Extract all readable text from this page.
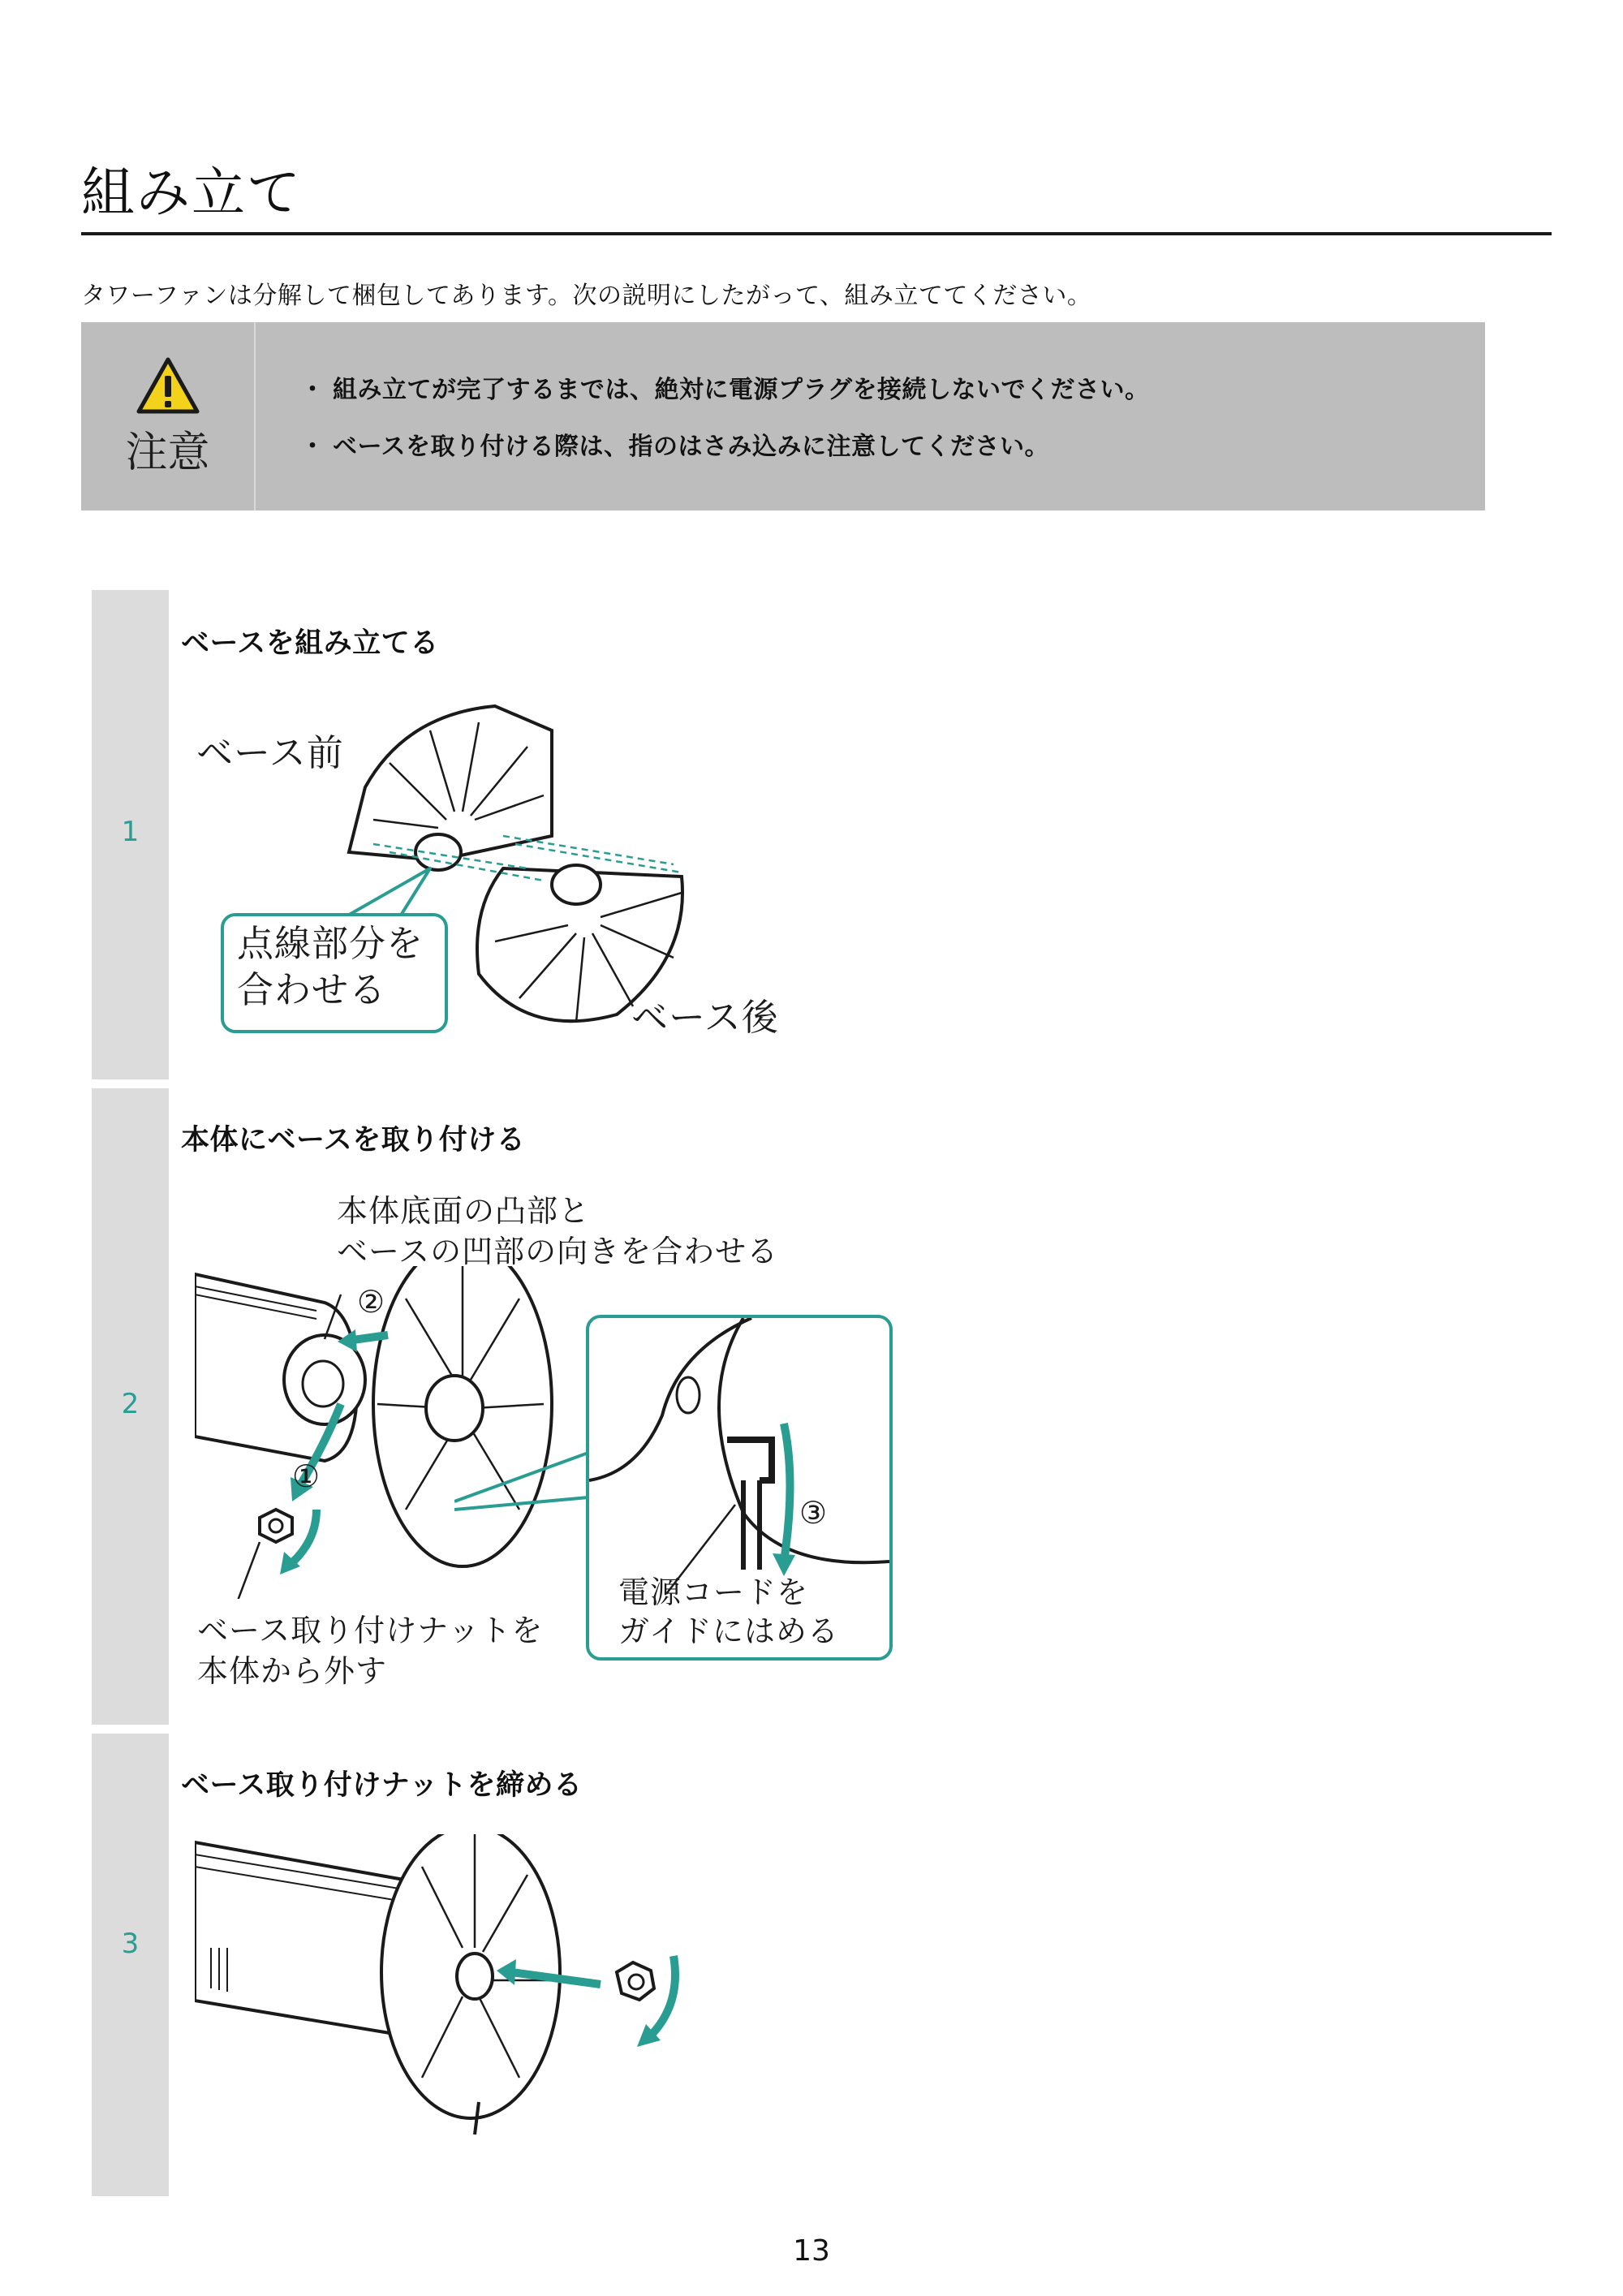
組み立て
タワーファンは分解して梱包してあります。次の説明にしたがって、組み立ててください。
注意
・ 組み立てが完了するまでは、絶対に電源プラグを接続しないでください。
・ ベースを取り付ける際は、指のはさみ込みに注意してください。
1
ベースを組み立てる
ベース前
ベース後
点線部分を
合わせる
2
本体にベースを取り付ける
本体底面の凸部と
ベースの凹部の向きを合わせる
②
①
③
電源コードを
ガイドにはめる
ベース取り付けナットを
本体から外す
3
ベース取り付けナットを締める
13
